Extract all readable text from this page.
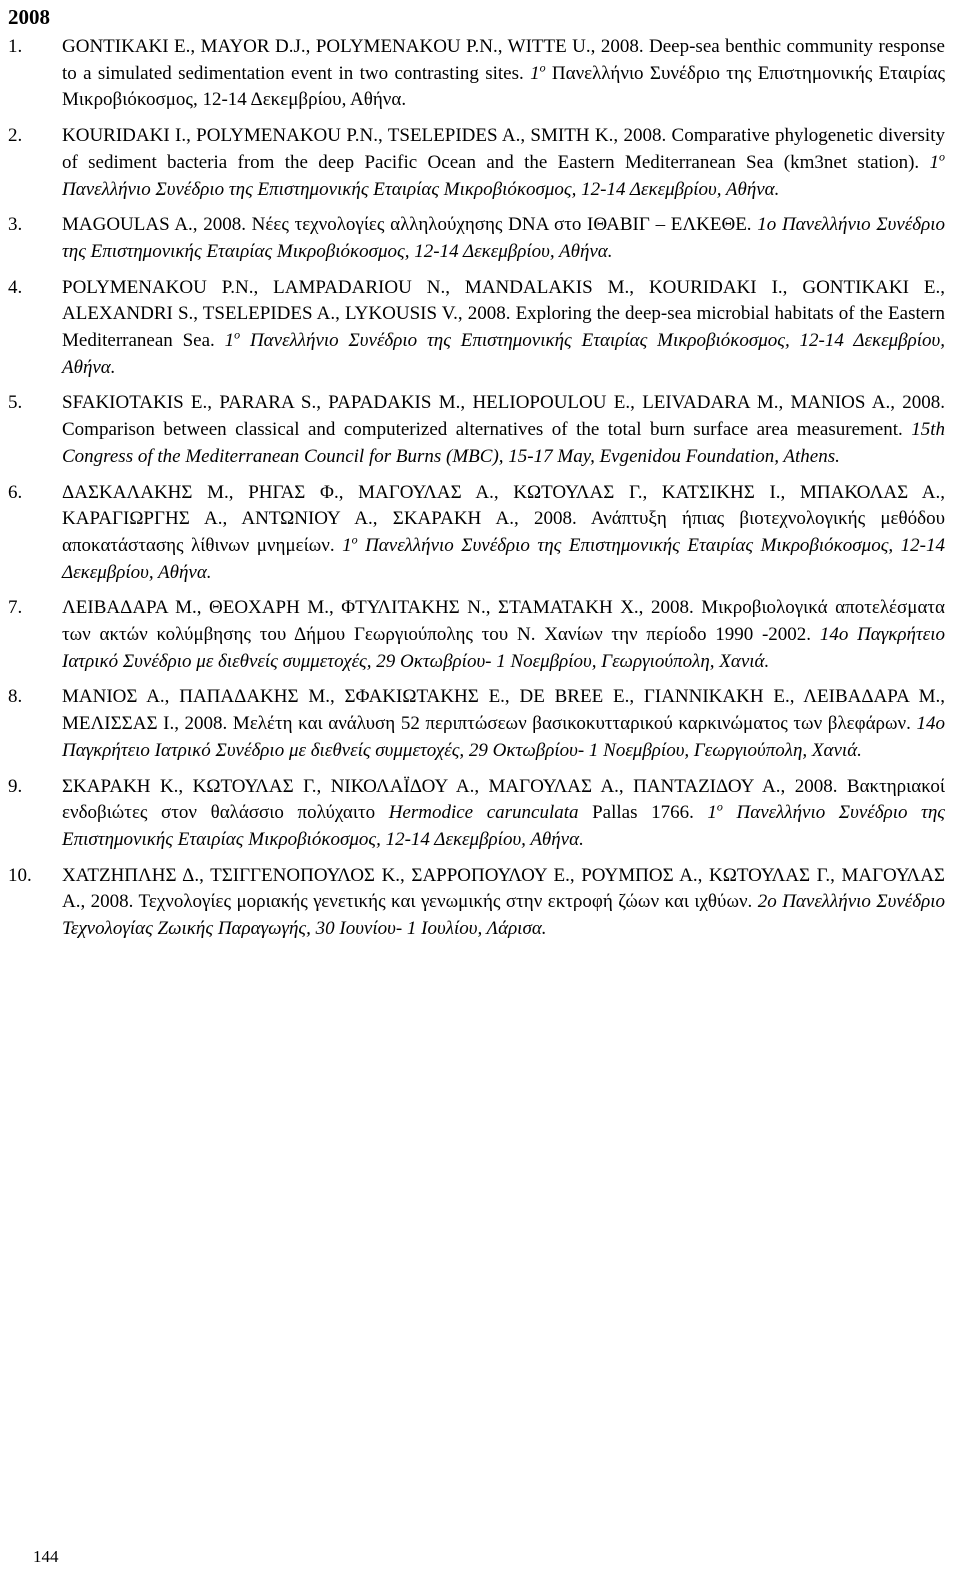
2008
1.	GONTIKAKI E., MAYOR D.J., POLYMENAKOU P.N., WITTE U., 2008. Deep-sea benthic community response to a simulated sedimentation event in two contrasting sites. 1$^o$ Πανελλήνιο Συνέδριο της Επιστημονικής Εταιρίας Μικροβιόκοσμος, 12-14 Δεκεμβρίου, Αθήνα.
2.	KOURIDAKI I., POLYMENAKOU P.N., TSELEPIDES A., SMITH K., 2008. Comparative phylogenetic diversity of sediment bacteria from the deep Pacific Ocean and the Eastern Mediterranean Sea (km3net station). 1$^o$ Πανελλήνιο Συνέδριο της Επιστημονικής Εταιρίας Μικροβιόκοσμος, 12-14 Δεκεμβρίου, Αθήνα.
3.	MAGOULAS A., 2008. Νέες τεχνολογίες αλληλούχησης DNA στο ΙΘΑΒΙΓ – ΕΛΚΕΘΕ. 1ο Πανελλήνιο Συνέδριο της Επιστημονικής Εταιρίας Μικροβιόκοσμος, 12-14 Δεκεμβρίου, Αθήνα.
4.	POLYMENAKOU P.N., LAMPADARIOU N., MANDALAKIS M., KOURIDAKI I., GONTIKAKI E., ALEXANDRI S., TSELEPIDES A., LYKOUSIS V., 2008. Exploring the deep-sea microbial habitats of the Eastern Mediterranean Sea. 1$^o$ Πανελλήνιο Συνέδριο της Επιστημονικής Εταιρίας Μικροβιόκοσμος, 12-14 Δεκεμβρίου, Αθήνα.
5.	SFAKIOTAKIS E., PARARA S., PAPADAKIS M., HELIOPOULOU E., LEIVADARA M., MANIOS A., 2008. Comparison between classical and computerized alternatives of the total burn surface area measurement. 15th Congress of the Mediterranean Council for Burns (MBC), 15-17 May, Evgenidou Foundation, Athens.
6.	ΔΑΣΚΑΛΑΚΗΣ Μ., ΡΗΓΑΣ Φ., ΜΑΓΟΥΛΑΣ Α., ΚΩΤΟΥΛΑΣ Γ., ΚΑΤΣΙΚΗΣ Ι., ΜΠΑΚΟΛΑΣ Α., ΚΑΡΑΓΙΩΡΓΗΣ Α., ΑΝΤΩΝΙΟΥ Α., ΣΚΑΡΑΚΗ Α., 2008. Ανάπτυξη ήπιας βιοτεχνολογικής μεθόδου αποκατάστασης λίθινων μνημείων. 1$^o$ Πανελλήνιο Συνέδριο της Επιστημονικής Εταιρίας Μικροβιόκοσμος, 12-14 Δεκεμβρίου, Αθήνα.
7.	ΛΕΙΒΑΔΑΡΑ Μ., ΘΕΟΧΑΡΗ Μ., ΦΤΥΛΙΤΑΚΗΣ Ν., ΣΤΑΜΑΤΑΚΗ Χ., 2008. Μικροβιολογικά αποτελέσματα των ακτών κολύμβησης του Δήμου Γεωργιούπολης του Ν. Χανίων την περίοδο 1990 -2002. 14ο Παγκρήτειο Ιατρικό Συνέδριο με διεθνείς συμμετοχές, 29 Οκτωβρίου- 1 Νοεμβρίου, Γεωργιούπολη, Χανιά.
8.	ΜΑΝΙΟΣ Α., ΠΑΠΑΔΑΚΗΣ Μ., ΣΦΑΚΙΩΤΑΚΗΣ Ε., DE BREE E., ΓΙΑΝΝΙΚΑΚΗ Ε., ΛΕΙΒΑΔΑΡΑ Μ., ΜΕΛΙΣΣΑΣ Ι., 2008. Μελέτη και ανάλυση 52 περιπτώσεων βασικοκυτταρικού καρκινώματος των βλεφάρων. 14ο Παγκρήτειο Ιατρικό Συνέδριο με διεθνείς συμμετοχές, 29 Οκτωβρίου- 1 Νοεμβρίου, Γεωργιούπολη, Χανιά.
9.	ΣΚΑΡΑΚΗ Κ., ΚΩΤΟΥΛΑΣ Γ., ΝΙΚΟΛΑΪΔΟΥ Α., ΜΑΓΟΥΛΑΣ Α., ΠΑΝΤΑΖΙΔΟΥ Α., 2008. Βακτηριακοί ενδοβιώτες στον θαλάσσιο πολύχαιτο Hermodice carunculata Pallas 1766. 1$^o$ Πανελλήνιο Συνέδριο της Επιστημονικής Εταιρίας Μικροβιόκοσμος, 12-14 Δεκεμβρίου, Αθήνα.
10.	ΧΑΤΖΗΠΛΗΣ Δ., ΤΣΙΓΓΕΝΟΠΟΥΛΟΣ Κ., ΣΑΡΡΟΠΟΥΛΟΥ Ε., ΡΟΥΜΠΟΣ Α., ΚΩΤΟΥΛΑΣ Γ., ΜΑΓΟΥΛΑΣ Α., 2008. Τεχνολογίες μοριακής γενετικής και γενωμικής στην εκτροφή ζώων και ιχθύων. 2ο Πανελλήνιο Συνέδριο Τεχνολογίας Ζωικής Παραγωγής, 30 Ιουνίου- 1 Ιουλίου, Λάρισα.
144
